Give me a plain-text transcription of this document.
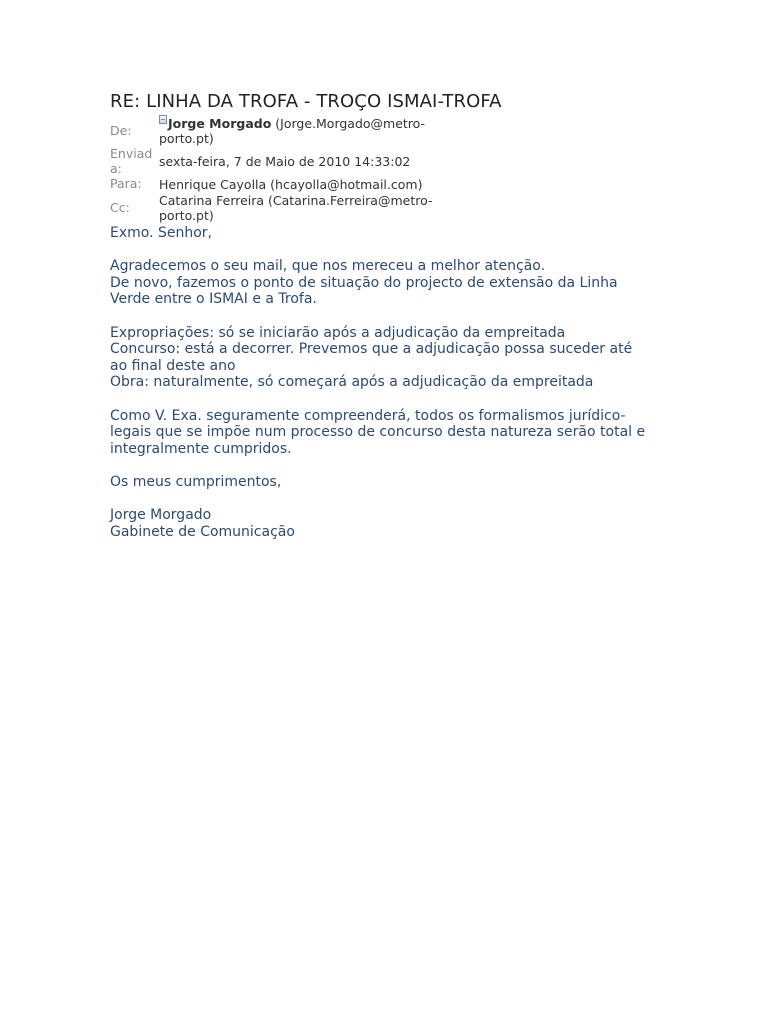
RE: LINHA DA TROFA - TROÇO ISMAI-TROFA
De:	Jorge Morgado (Jorge.Morgado@metro-
porto.pt)
Enviad
a:	sexta-feira, 7 de Maio de 2010 14:33:02
Para:	Henrique Cayolla (hcayolla@hotmail.com)
Cc:	Catarina Ferreira (Catarina.Ferreira@metro-
porto.pt)

Exmo. Senhor,

Agradecemos o seu mail, que nos mereceu a melhor atenção.
De novo, fazemos o ponto de situação do projecto de extensão da Linha
Verde entre o ISMAI e a Trofa.

Expropriações: só se iniciarão após a adjudicação da empreitada
Concurso: está a decorrer. Prevemos que a adjudicação possa suceder até
ao final deste ano
Obra: naturalmente, só começará após a adjudicação da empreitada

Como V. Exa. seguramente compreenderá, todos os formalismos jurídico-
legais que se impõe num processo de concurso desta natureza serão total e
integralmente cumpridos.

Os meus cumprimentos,

Jorge Morgado

Gabinete de Comunicação
